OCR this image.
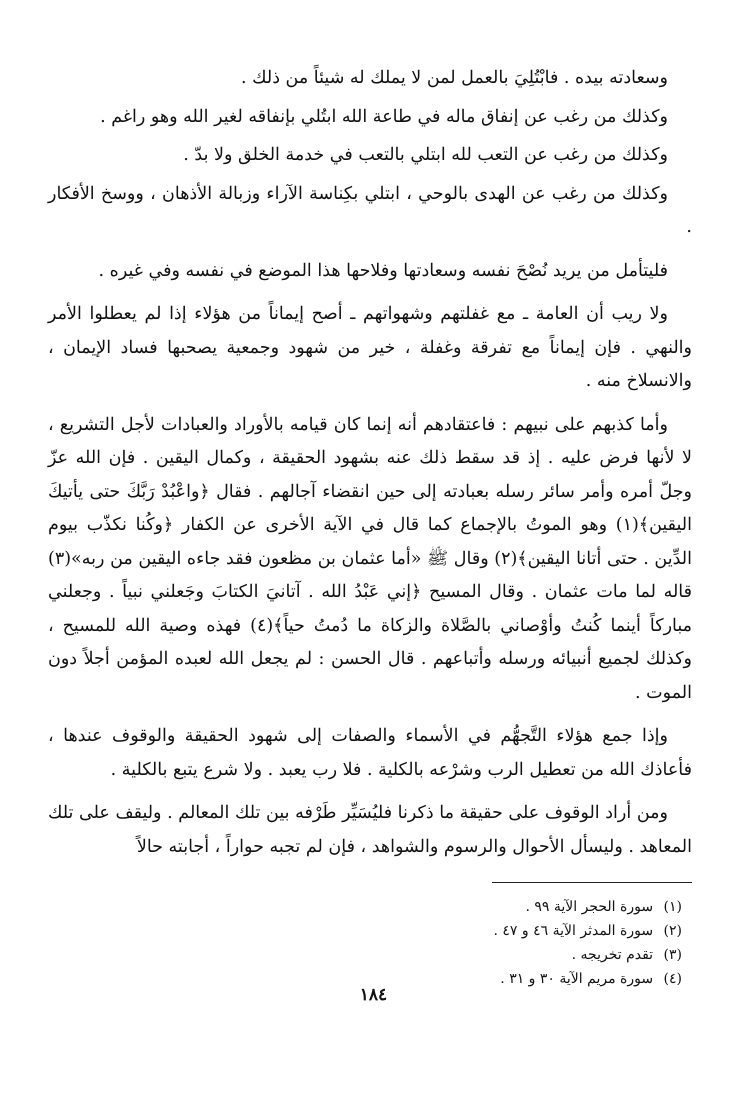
وسعادته بيده . فابْتُلِيَ بالعمل لمن لا يملك له شيئاً من ذلك .

وكذلك من رغب عن إنفاق ماله في طاعة الله ابتُلي بإنفاقه لغير الله وهو راغم .

وكذلك من رغب عن التعب لله ابتلي بالتعب في خدمة الخلق ولا بدّ .

وكذلك من رغب عن الهدى بالوحي ، ابتلي بكِناسة الآراء وزبالة الأذهان ، ووسخ الأفكار .

فليتأمل من يريد نُصْحَ نفسه وسعادتها وفلاحها هذا الموضع في نفسه وفي غيره .

ولا ريب أن العامة ـ مع غفلتهم وشهواتهم ـ أصح إيماناً من هؤلاء إذا لم يعطلوا الأمر والنهي . فإن إيماناً مع تفرقة وغفلة ، خير من شهود وجمعية يصحبها فساد الإيمان ، والانسلاخ منه .

وأما كذبهم على نبيهم : فاعتقادهم أنه إنما كان قيامه بالأوراد والعبادات لأجل التشريع ، لا لأنها فرض عليه . إذ قد سقط ذلك عنه بشهود الحقيقة ، وكمال اليقين . فإن الله عزّ وجلّ أمره وأمر سائر رسله بعبادته إلى حين انقضاء آجالهم . فقال ﴿واعْبُدْ رَبَّكَ حتى يأتيكَ اليقين﴾(١) وهو الموتُ بالإجماع كما قال في الآية الأخرى عن الكفار ﴿وكُنا نكذّب بيوم الدِّين . حتى أتانا اليقين﴾(٢) وقال ﷺ «أما عثمان بن مظعون فقد جاءه اليقين من ربه»(٣) قاله لما مات عثمان . وقال المسيح ﴿إني عَبْدُ الله . آتانيَ الكتابَ وجَعلني نبياً . وجعلني مباركاً أينما كُنتُ وأوْصاني بالصَّلاة والزكاة ما دُمتُ حياً﴾(٤) فهذه وصية الله للمسيح ، وكذلك لجميع أنبيائه ورسله وأتباعهم . قال الحسن : لم يجعل الله لعبده المؤمن أجلاً دون الموت .

وإذا جمع هؤلاء التَّجهُّم في الأسماء والصفات إلى شهود الحقيقة والوقوف عندها ، فأعاذك الله من تعطيل الرب وشرْعه بالكلية . فلا رب يعبد . ولا شرع يتبع بالكلية .

ومن أراد الوقوف على حقيقة ما ذكرنا فليُسَيِّر طَرْفه بين تلك المعالم . وليقف على تلك المعاهد . وليسأل الأحوال والرسوم والشواهد ، فإن لم تجبه حواراً ، أجابته حالاً

(١) سورة الحجر الآية ٩٩ .
(٢) سورة المدثر الآية ٤٦ و ٤٧ .
(٣) تقدم تخريجه .
(٤) سورة مريم الآية ٣٠ و ٣١ .
١٨٤
